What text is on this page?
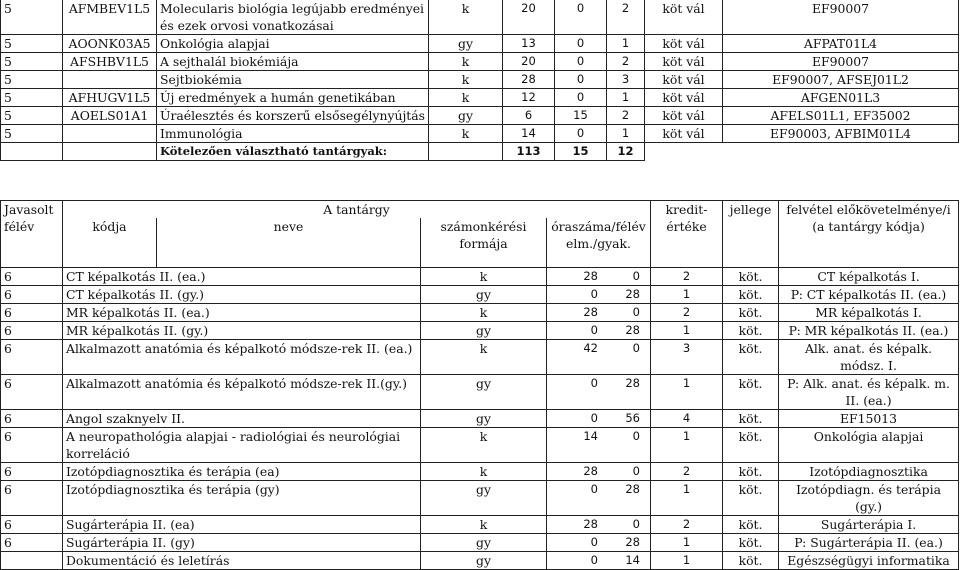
5	AFMBEV1L5	Molecularis biológia legújabb eredményei és ezek orvosi vonatkozásai	k	20	0	2	köt vál	EF90007
5	AOONK03A5	Onkológia alapjai	gy	13	0	1	köt vál	AFPAT01L4
5	AFSHBV1L5	A sejthalál biokémiája	k	20	0	2	köt vál	EF90007
5		Sejtbiokémia	k	28	0	3	köt vál	EF90007, AFSEJ01L2
5	AFHUGV1L5	Új eredmények a humán genetikában	k	12	0	1	köt vál	AFGEN01L3
5	AOELS01A1	Úraélesztés és korszerű elsősegélynyújtás	gy	6	15	2	köt vál	AFELS01L1, EF35002
5		Immunológia	k	14	0	1	köt vál	EF90003, AFBIM01L4
		Kötelezően választható tantárgyak:		113	15	12		
Javasolt félév	A tantárgy				kredit-értéke	jellege	felvétel előkövetelménye/i (a tantárgy kódja)
	kódja	neve	számonkérési formája	óraszáma/félév elm./gyak.			
6	CT képalkotás II. (ea.)		k	28 0	2	köt.	CT képalkotás I.
6	CT képalkotás II. (gy.)		gy	0 28	1	köt.	P: CT képalkotás II. (ea.)
6	MR képalkotás II. (ea.)		k	28 0	2	köt.	MR képalkotás I.
6	MR képalkotás II. (gy.)		gy	0 28	1	köt.	P: MR képalkotás II. (ea.)
6	Alkalmazott anatómia és képalkotó módsze-rek II. (ea.)		k	42 0	3	köt.	Alk. anat. és képalk. módsz. I.
6	Alkalmazott anatómia és képalkotó módsze-rek II.(gy.)		gy	0 28	1	köt.	P: Alk. anat. és képalk. m. II. (ea.)
6	Angol szaknyelv II.		gy	0 56	4	köt.	EF15013
6	A neuropathológia alapjai - radiológiai és neurológiai korreláció		k	14 0	1	köt.	Onkológia alapjai
6	Izotópdiagnosztika és terápia (ea)		k	28 0	2	köt.	Izotópdiagnosztika
6	Izotópdiagnosztika és terápia (gy)		gy	0 28	1	köt.	Izotópdiagn. és terápia (gy.)
6	Sugárterápia II. (ea)		k	28 0	2	köt.	Sugárterápia I.
6	Sugárterápia II. (gy)		gy	0 28	1	köt.	P: Sugárterápia II. (ea.)
	Dokumentáció és leletírás		gy	0 14	1	köt.	Egészségügyi informatika
